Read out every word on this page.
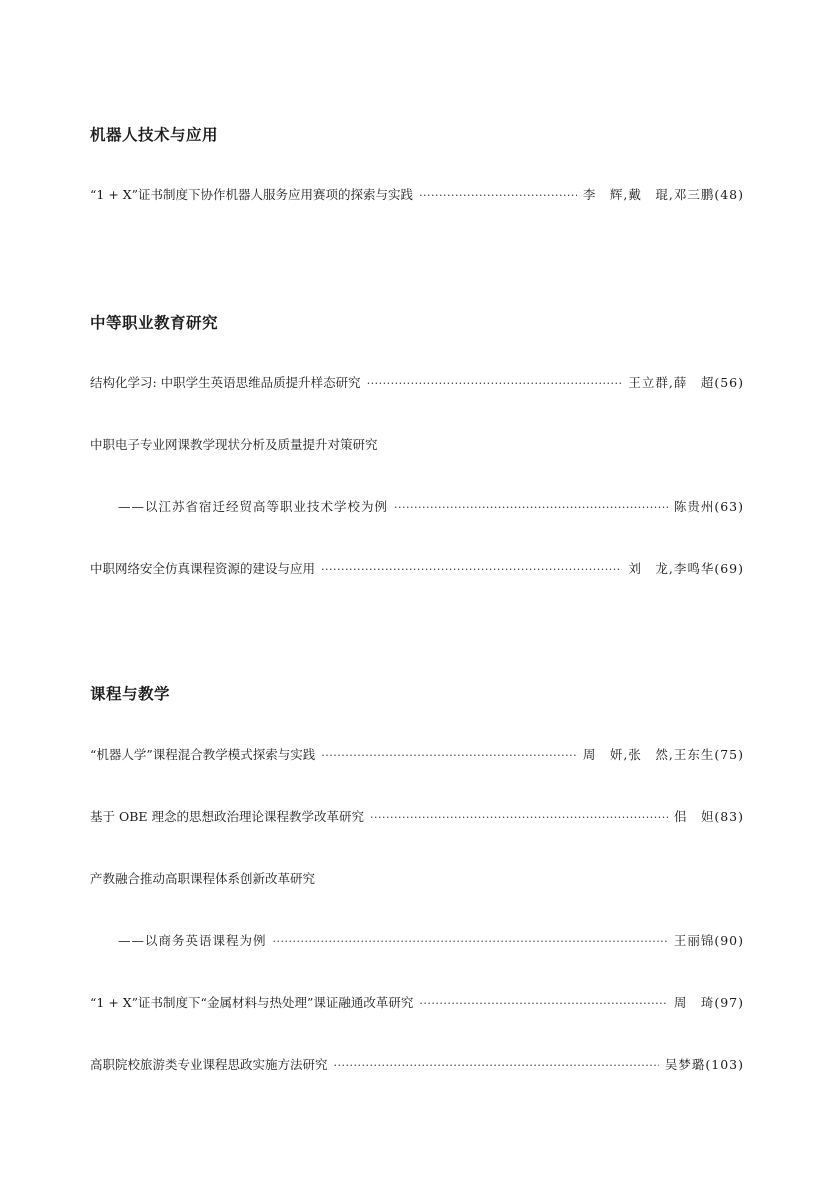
机器人技术与应用
“1 + X”证书制度下协作机器人服务应用赛项的探索与实践 ·····	李　辉,戴　琨,邓三鹏(48)
中等职业教育研究
结构化学习: 中职学生英语思维品质提升样态研究 ·····	王立群,薛　超(56)
中职电子专业网课教学现状分析及质量提升对策研究
——以江苏省宿迁经贸高等职业技术学校为例 ·····	陈贵州(63)
中职网络安全仿真课程资源的建设与应用 ·····	刘　龙,李鸣华(69)
课程与教学
“机器人学”课程混合教学模式探索与实践 ·····	周　妍,张　然,王东生(75)
基于 OBE 理念的思想政治理论课程教学改革研究 ·····	佀　妲(83)
产教融合推动高职课程体系创新改革研究
——以商务英语课程为例 ·····	王丽锦(90)
“1 + X”证书制度下“金属材料与热处理”课证融通改革研究 ·····	周　琦(97)
高职院校旅游类专业课程思政实施方法研究 ·····	吴梦璐(103)
